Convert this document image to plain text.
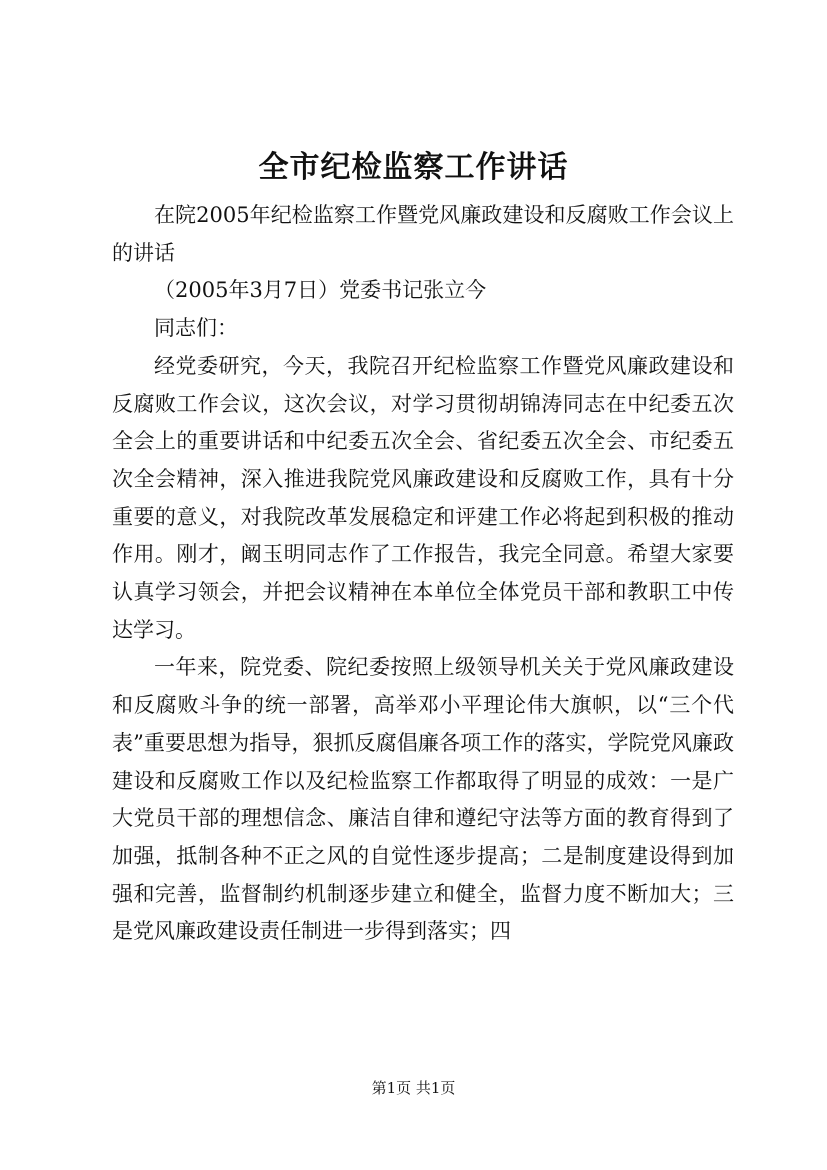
全市纪检监察工作讲话

在院2005年纪检监察工作暨党风廉政建设和反腐败工作会议上的讲话

（2005年3月7日）党委书记张立今

同志们：

经党委研究，今天，我院召开纪检监察工作暨党风廉政建设和反腐败工作会议，这次会议，对学习贯彻胡锦涛同志在中纪委五次全会上的重要讲话和中纪委五次全会、省纪委五次全会、市纪委五次全会精神，深入推进我院党风廉政建设和反腐败工作，具有十分重要的意义，对我院改革发展稳定和评建工作必将起到积极的推动作用。刚才，阚玉明同志作了工作报告，我完全同意。希望大家要认真学习领会，并把会议精神在本单位全体党员干部和教职工中传达学习。

一年来，院党委、院纪委按照上级领导机关关于党风廉政建设和反腐败斗争的统一部署，高举邓小平理论伟大旗帜，以“三个代表”重要思想为指导，狠抓反腐倡廉各项工作的落实，学院党风廉政建设和反腐败工作以及纪检监察工作都取得了明显的成效：一是广大党员干部的理想信念、廉洁自律和遵纪守法等方面的教育得到了加强，抵制各种不正之风的自觉性逐步提高；二是制度建设得到加强和完善，监督制约机制逐步建立和健全，监督力度不断加大；三是党风廉政建设责任制进一步得到落实；四

第1页 共1页
